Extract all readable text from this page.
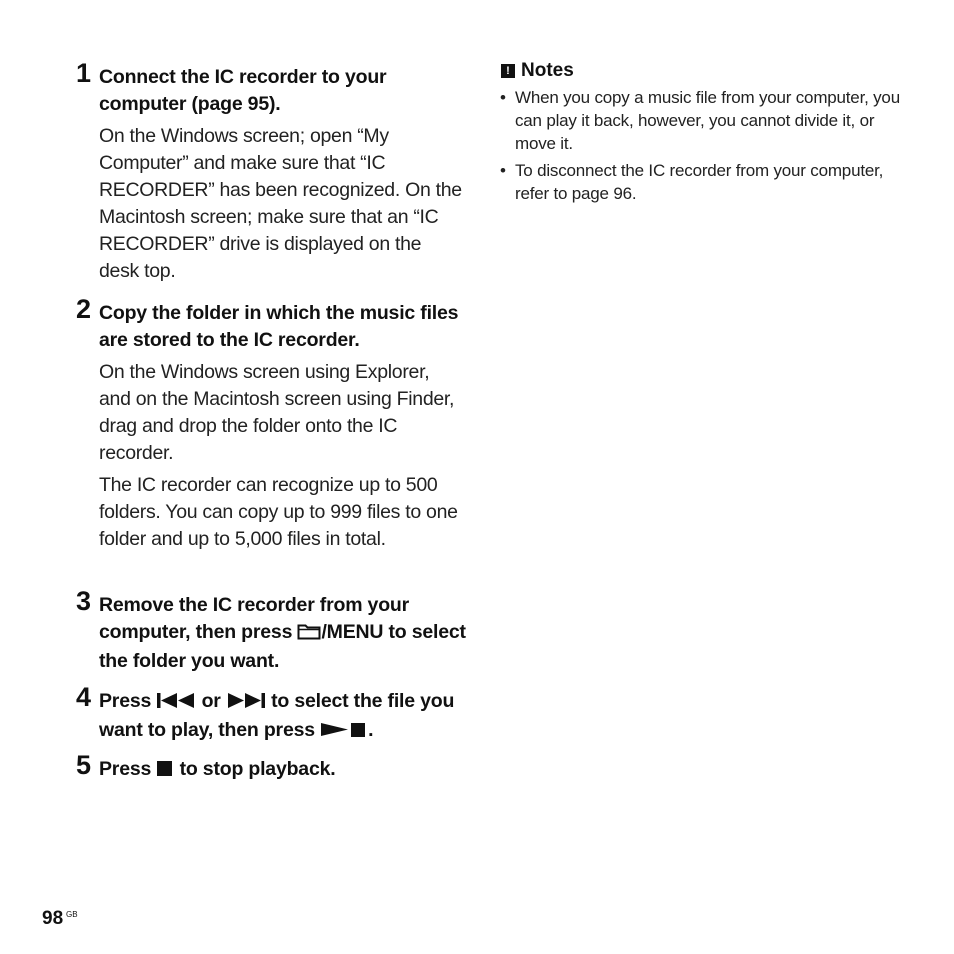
1 Connect the IC recorder to your computer (page 95).
On the Windows screen; open “My Computer” and make sure that “IC RECORDER” has been recognized. On the Macintosh screen; make sure that an “IC RECORDER” drive is displayed on the desk top.
2 Copy the folder in which the music files are stored to the IC recorder.
On the Windows screen using Explorer, and on the Macintosh screen using Finder, drag and drop the folder onto the IC recorder.
The IC recorder can recognize up to 500 folders. You can copy up to 999 files to one folder and up to 5,000 files in total.
3 Remove the IC recorder from your computer, then press /MENU to select the folder you want.
4 Press  or  to select the file you want to play, then press .
5 Press  to stop playback.
! Notes
• When you copy a music file from your computer, you can play it back, however, you cannot divide it, or move it.
• To disconnect the IC recorder from your computer, refer to page 96.
98 GB
